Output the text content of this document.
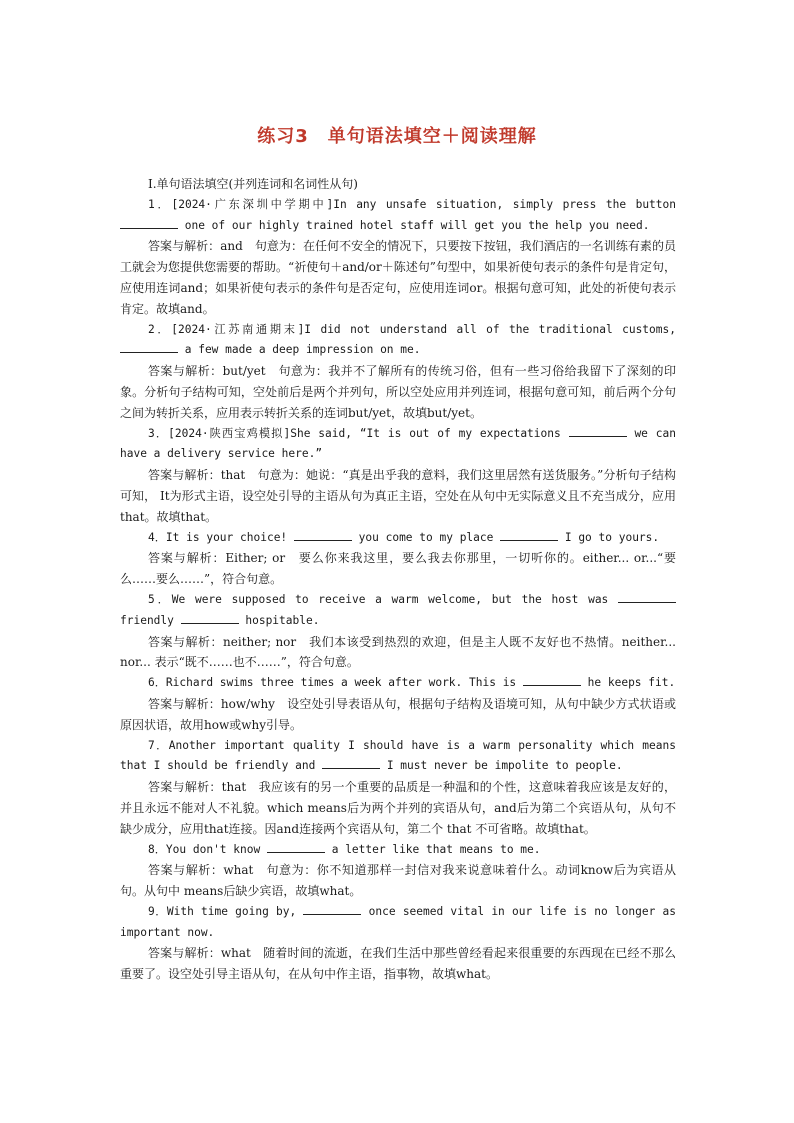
练习3　单句语法填空＋阅读理解

Ⅰ.单句语法填空(并列连词和名词性从句)

1．[2024·广东深圳中学期中]In any unsafe situation, simply press the button  one of our highly trained hotel staff will get you the help you need.

答案与解析：and　句意为：在任何不安全的情况下，只要按下按钮，我们酒店的一名训练有素的员工就会为您提供您需要的帮助。“祈使句＋and/or＋陈述句”句型中，如果祈使句表示的条件句是肯定句，应使用连词and；如果祈使句表示的条件句是否定句，应使用连词or。根据句意可知，此处的祈使句表示肯定。故填and。

2．[2024·江苏南通期末]I did not understand all of the traditional customs,  a few made a deep impression on me.

答案与解析：but/yet　句意为：我并不了解所有的传统习俗，但有一些习俗给我留下了深刻的印象。分析句子结构可知，空处前后是两个并列句，所以空处应用并列连词，根据句意可知，前后两个分句之间为转折关系，应用表示转折关系的连词but/yet，故填but/yet。

3．[2024·陕西宝鸡模拟]She said, “It is out of my expectations	we can have a delivery service here.”

答案与解析：that　句意为：她说：“真是出乎我的意料，我们这里居然有送货服务。”分析句子结构可知， It为形式主语，设空处引导的主语从句为真正主语，空处在从句中无实际意义且不充当成分，应用that。故填that。

4．It is your choice!	you come to my place	I go to yours.

答案与解析：Either; or　要么你来我这里，要么我去你那里，一切听你的。either... or...“要么……要么……”，符合句意。

5．We were supposed to receive a warm welcome, but the host was  friendly	hospitable.

答案与解析：neither; nor　我们本该受到热烈的欢迎，但是主人既不友好也不热情。neither... nor... 表示“既不……也不……”，符合句意。

6．Richard swims three times a week after work. This is	he keeps fit.

答案与解析：how/why　设空处引导表语从句，根据句子结构及语境可知，从句中缺少方式状语或原因状语，故用how或why引导。

7．Another important quality I should have is a warm personality which means that I should be friendly and	I must never be impolite to people.

答案与解析：that　我应该有的另一个重要的品质是一种温和的个性，这意味着我应该是友好的，并且永远不能对人不礼貌。which means后为两个并列的宾语从句，and后为第二个宾语从句，从句不缺少成分，应用that连接。因and连接两个宾语从句，第二个 that 不可省略。故填that。

8．You don't know	a letter like that means to me.

答案与解析：what　句意为：你不知道那样一封信对我来说意味着什么。动词know后为宾语从句。从句中 means后缺少宾语，故填what。

9．With time going by,	once seemed vital in our life is no longer as important now.

答案与解析：what　随着时间的流逝，在我们生活中那些曾经看起来很重要的东西现在已经不那么重要了。设空处引导主语从句，在从句中作主语，指事物，故填what。
